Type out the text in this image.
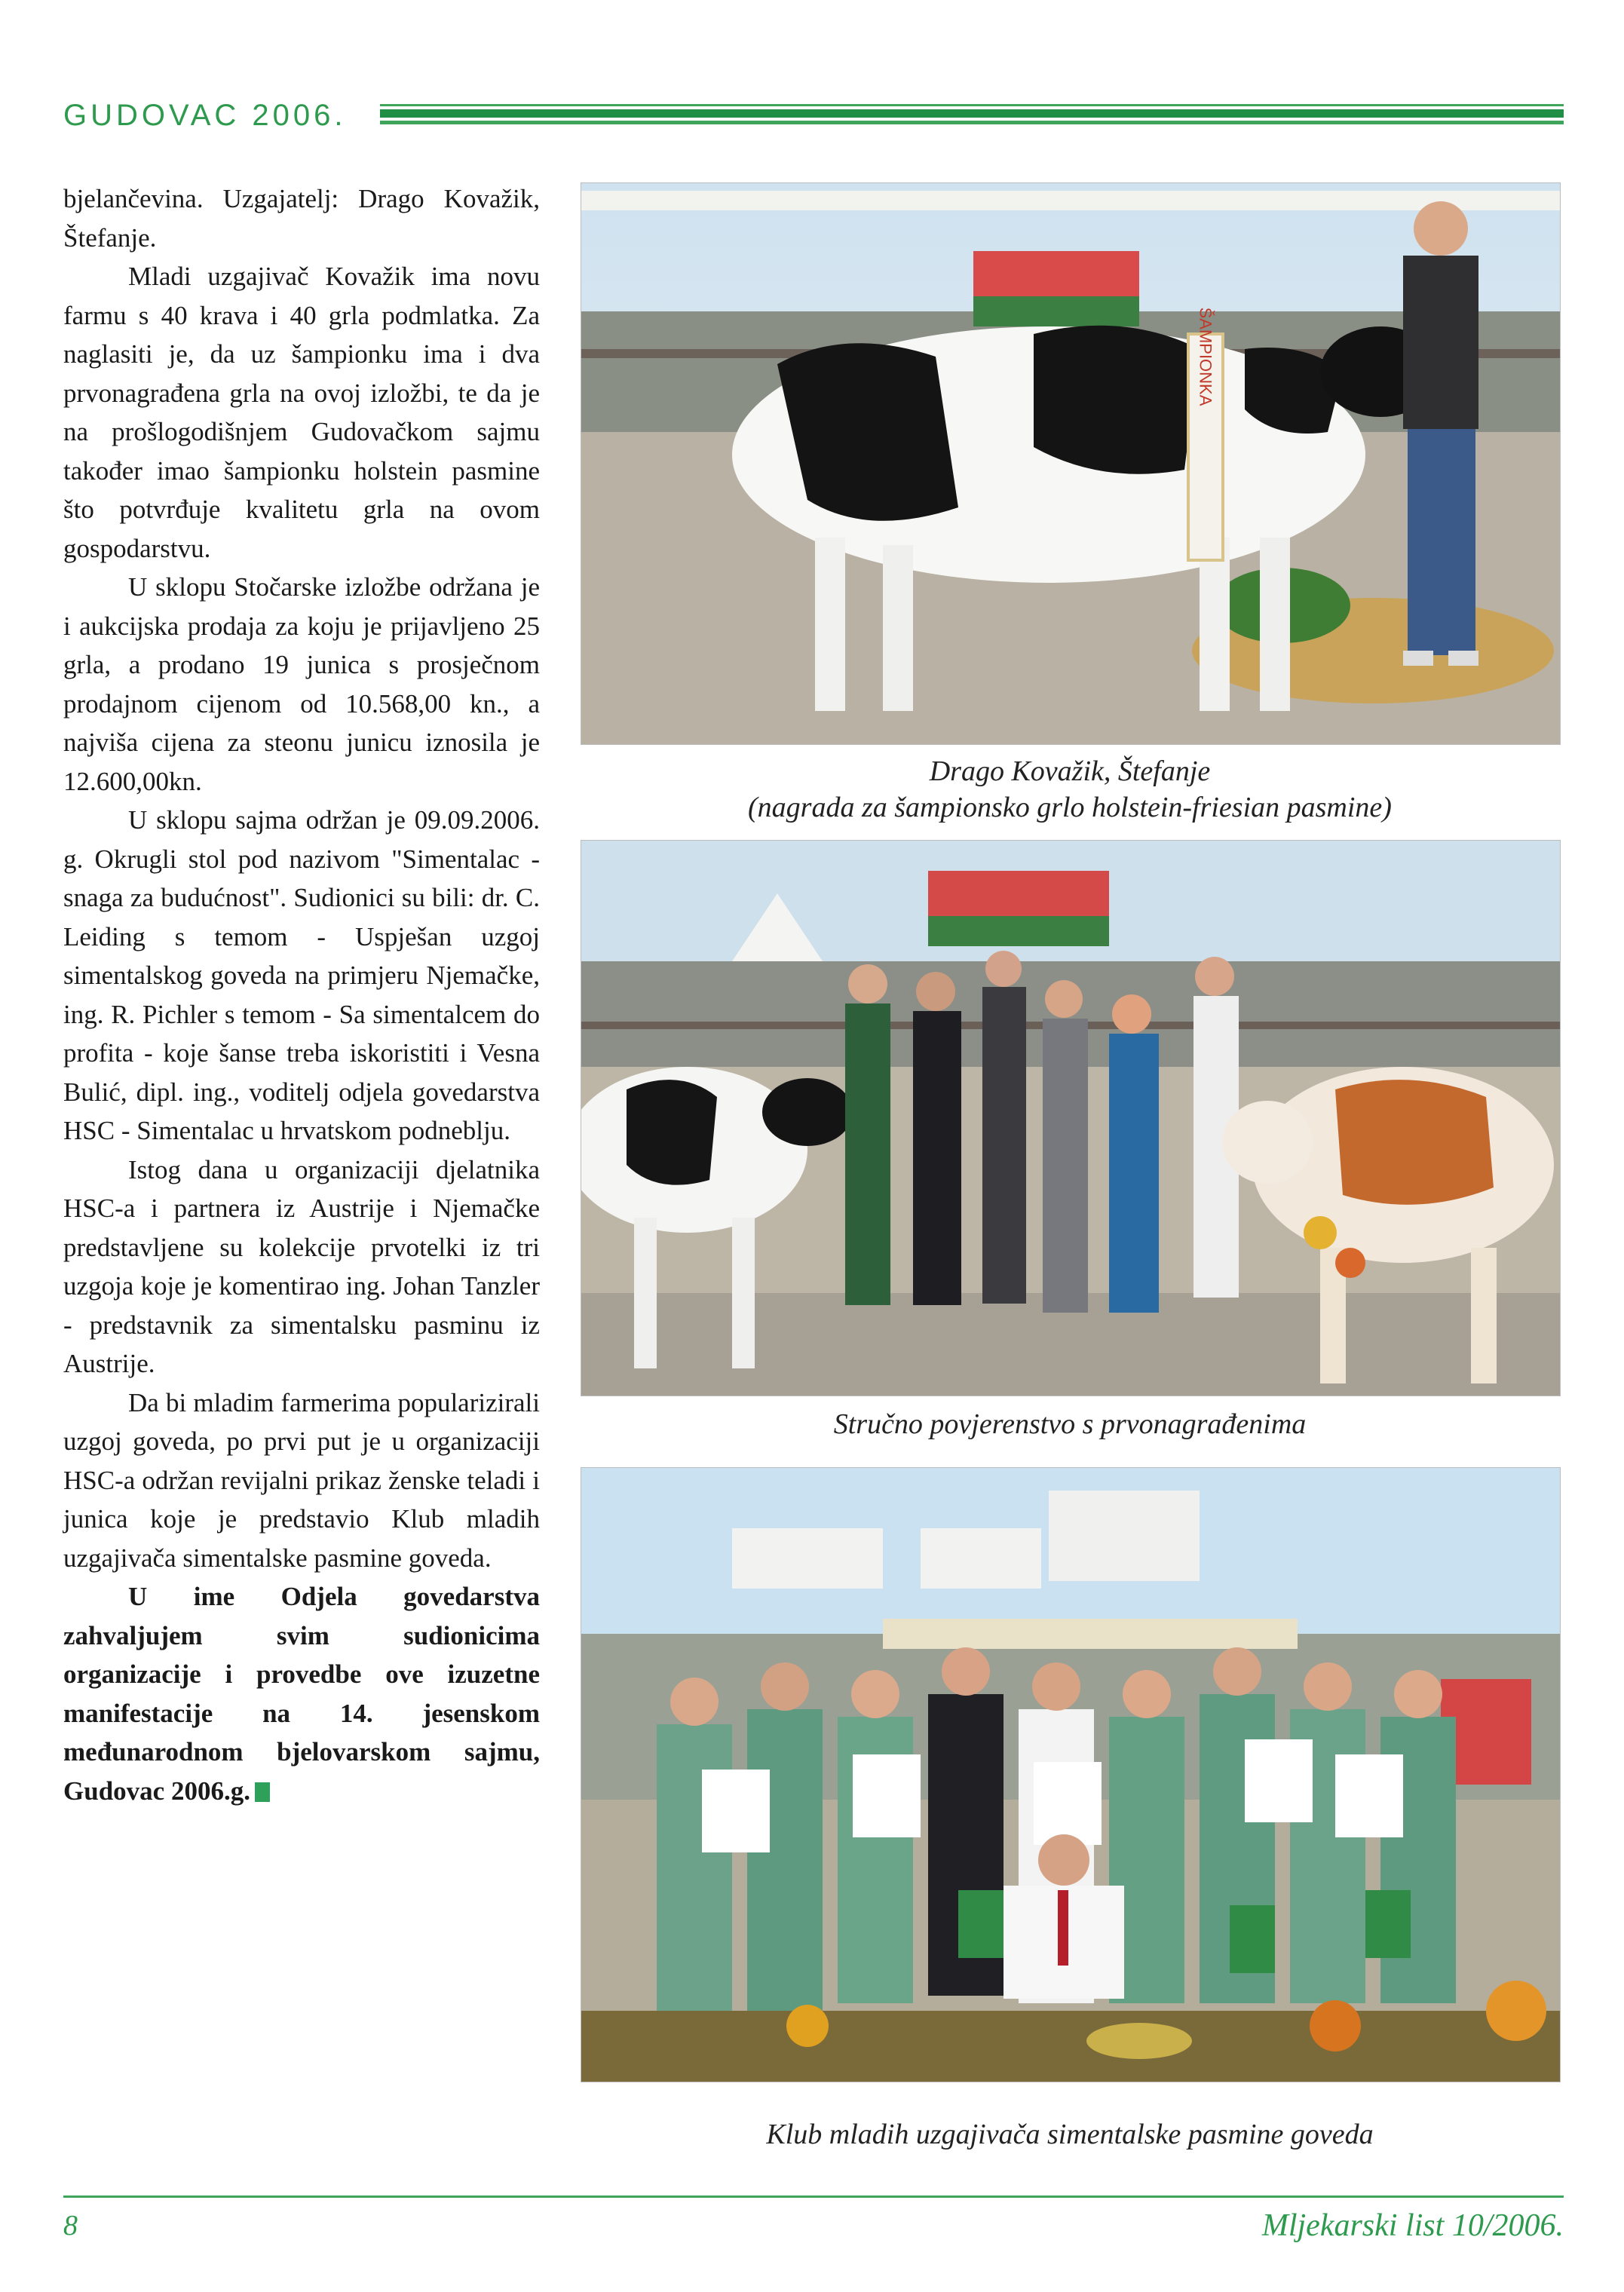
GUDOVAC 2006.

bjelančevina. Uzgajatelj: Drago Kovažik, Štefanje.

Mladi uzgajivač Kovažik ima novu farmu s 40 krava i 40 grla podmlatka. Za naglasiti je, da uz šampionku ima i dva prvonagrađena grla na ovoj izložbi, te da je na prošlogodišnjem Gudovačkom sajmu također imao šampionku holstein pasmine što potvrđuje kvalitetu grla na ovom gospodarstvu.

U sklopu Stočarske izložbe održana je i aukcijska prodaja za koju je prijavljeno 25 grla, a prodano 19 junica s prosječnom prodajnom cijenom od 10.568,00 kn., a najviša cijena za steonu junicu iznosila je 12.600,00kn.

U sklopu sajma održan je 09.09.2006. g. Okrugli stol pod nazivom "Simentalac - snaga za budućnost". Sudionici su bili: dr. C. Leiding s temom - Uspješan uzgoj simentalskog goveda na primjeru Njemačke, ing. R. Pichler s temom - Sa simentalcem do profita - koje šanse treba iskoristiti i Vesna Bulić, dipl. ing., voditelj odjela govedarstva HSC - Simentalac u hrvatskom podneblju.

Istog dana u organizaciji djelatnika HSC-a i partnera iz Austrije i Njemačke predstavljene su kolekcije prvotelki iz tri uzgoja koje je komentirao ing. Johan Tanzler - predstavnik za simentalsku pasminu iz Austrije.

Da bi mladim farmerima popularizirali uzgoj goveda, po prvi put je u organizaciji HSC-a održan revijalni prikaz ženske teladi i junica koje je predstavio Klub mladih uzgajivača simentalske pasmine goveda.

U ime Odjela govedarstva zahvaljujem svim sudionicima organizacije i provedbe ove izuzetne manifestacije na 14. jesenskom međunarodnom bjelovarskom sajmu, Gudovac 2006.g.

ŠAMPIONKA
Drago Kovažik, Štefanje
(nagrada za šampionsko grlo holstein-friesian pasmine)
Stručno povjerenstvo s prvonagrađenima
Klub mladih uzgajivača simentalske pasmine goveda
8	Mljekarski list 10/2006.
